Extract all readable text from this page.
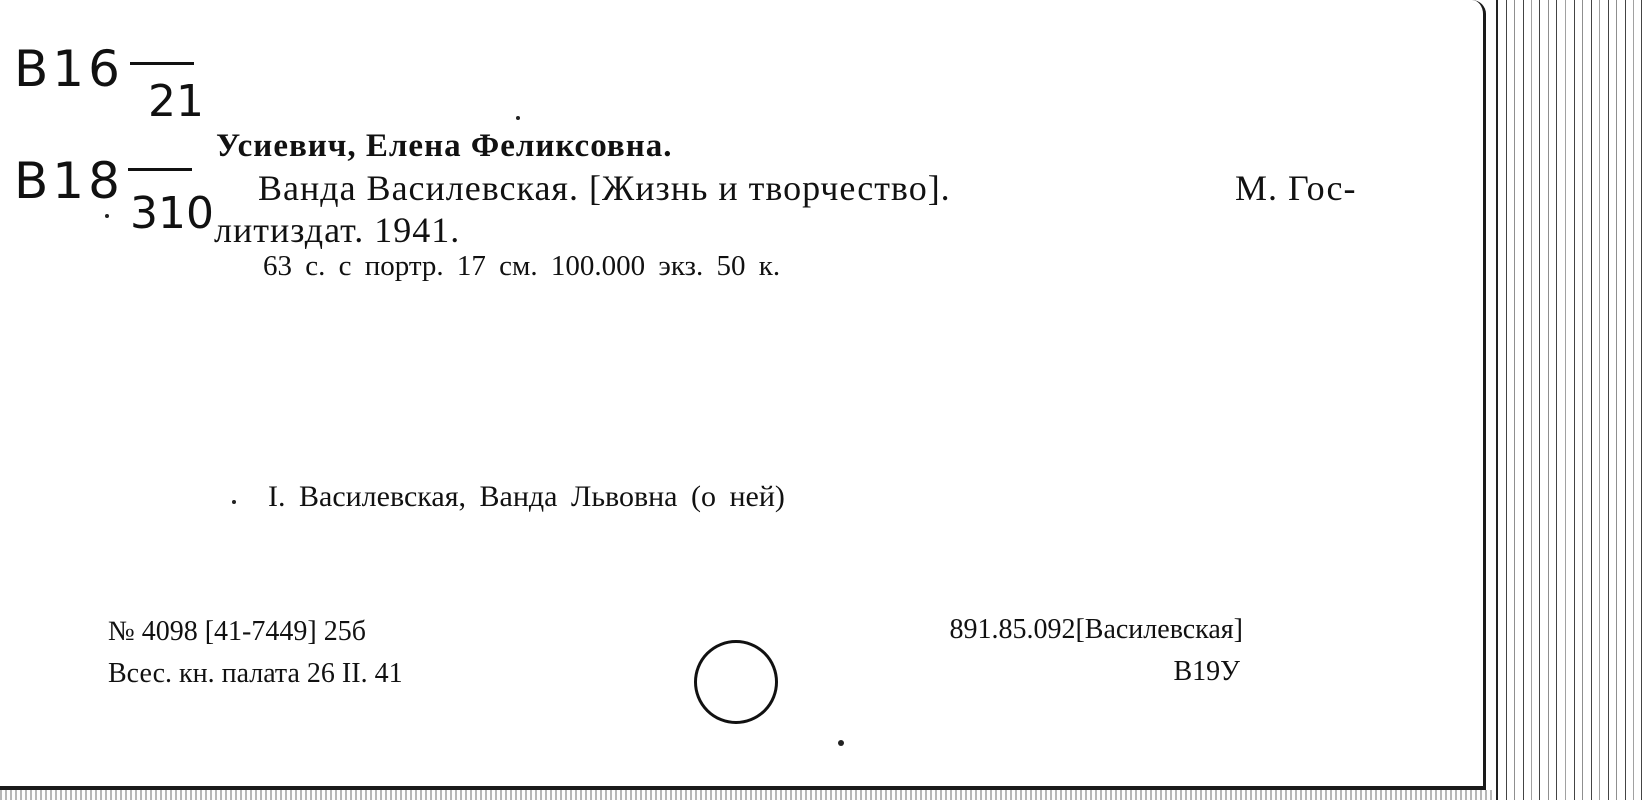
B16
21
B18
310
Усиевич, Елена Феликсовна.
Ванда Василевская. [Жизнь и творчество].	М. Гос-
литиздат. 1941.
63 с. с портр. 17 см. 100.000 экз. 50 к.
I. Василевская, Ванда Львовна (о ней)
№ 4098 [41-7449] 25б
Всес. кн. палата 26 II. 41
891.85.092[Василевская]
В19У
